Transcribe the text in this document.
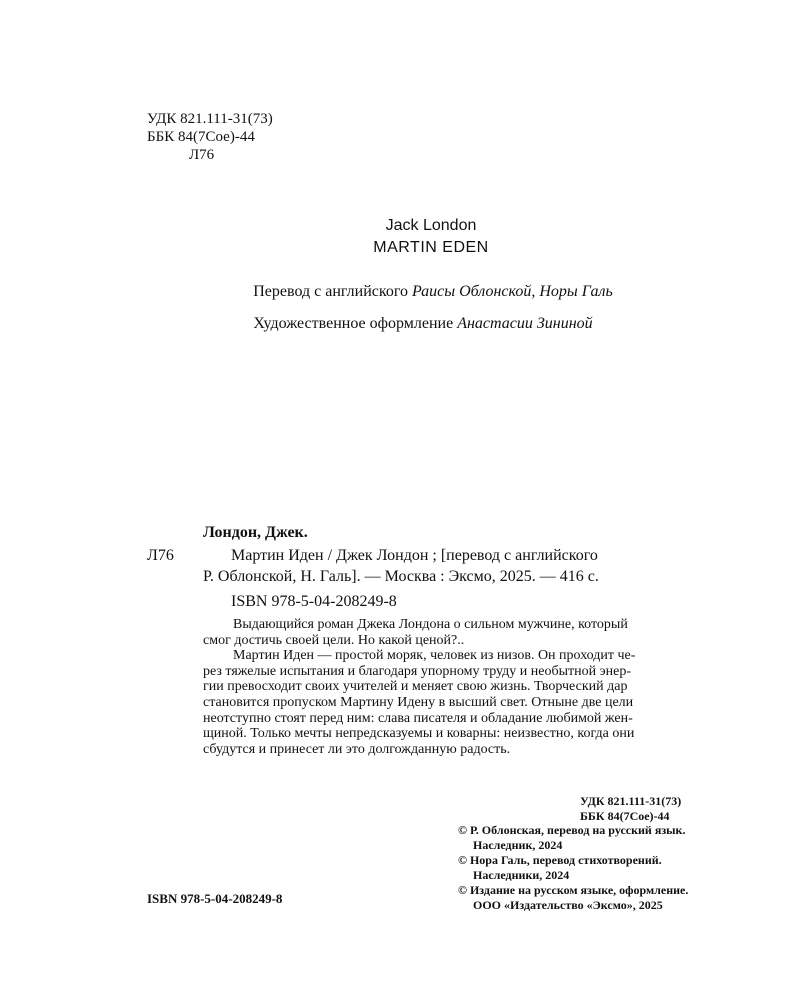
УДК 821.111-31(73)
ББК 84(7Сое)-44
Л76
Jack London
MARTIN EDEN
Перевод с английского Раисы Облонской, Норы Галь
Художественное оформление Анастасии Зининой
Лондон, Джек.
Л76	Мартин Иден / Джек Лондон ; [перевод с английского
Р. Облонской, Н. Галь]. — Москва : Эксмо, 2025. — 416 с.
ISBN 978-5-04-208249-8

Выдающийся роман Джека Лондона о сильном мужчине, который
смог достичь своей цели. Но какой ценой?..

Мартин Иден — простой моряк, человек из низов. Он проходит че-
рез тяжелые испытания и благодаря упорному труду и необытной энер-
гии превосходит своих учителей и меняет свою жизнь. Творческий дар
становится пропуском Мартину Идену в высший свет. Отныне две цели
неотступно стоят перед ним: слава писателя и обладание любимой жен-
щиной. Только мечты непредсказуемы и коварны: неизвестно, когда они
сбудутся и принесет ли это долгожданную радость.

УДК 821.111-31(73)
ББК 84(7Сое)-44
© Р. Облонская, перевод на русский язык.
Наследник, 2024
© Нора Галь, перевод стихотворений.
Наследники, 2024
© Издание на русском языке, оформление.
ООО «Издательство «Эксмо», 2025
ISBN 978-5-04-208249-8
